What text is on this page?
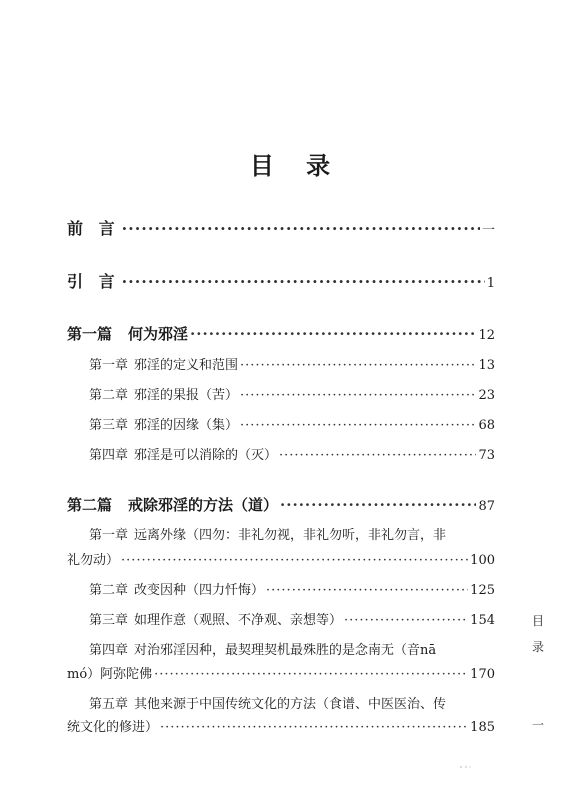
目 录
前 言 ·····	一
引 言 ·····	1
第一篇 何为邪淫 ·····	12
第一章 邪淫的定义和范围 ·····	13
第二章 邪淫的果报（苦） ·····	23
第三章 邪淫的因缘（集） ·····	68
第四章 邪淫是可以消除的（灭） ·····	73
第二篇 戒除邪淫的方法（道） ·····	87
第一章 远离外缘（四勿：非礼勿视，非礼勿听，非礼勿言，非
礼勿动） ·····	100
第二章 改变因种（四力忏悔） ·····	125
第三章 如理作意（观照、不净观、亲想等） ·····	154
第四章 对治邪淫因种，最契理契机最殊胜的是念南无（音nā
mó）阿弥陀佛 ·····	170
第五章 其他来源于中国传统文化的方法（食谱、中医医治、传
统文化的修进） ·····	185
目
录
一
